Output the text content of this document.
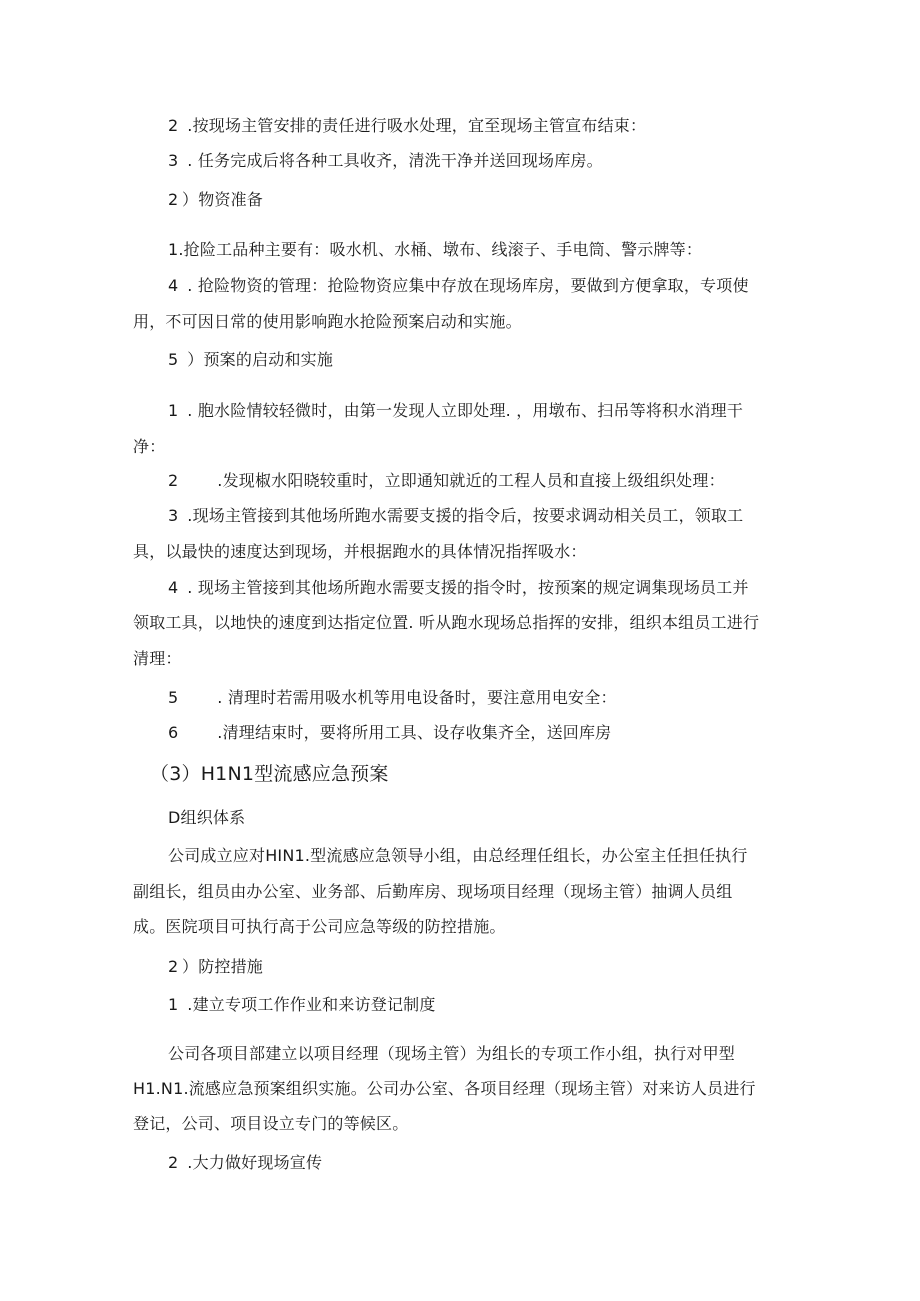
2 .按现场主管安排的责任进行吸水处理，宜至现场主管宣布结束：
3 . 任务完成后将各种工具收齐，清洗干净并送回现场库房。
2 ）物资准备
1.抢险工品种主要有：吸水机、水桶、墩布、线滚子、手电筒、警示牌等：
4 . 抢险物资的管理：抢险物资应集中存放在现场库房，要做到方便拿取，专项使
用，不可因日常的使用影响跑水抢险预案启动和实施。
5 ）预案的启动和实施
1 . 胞水险情较轻微时，由第一发现人立即处理. ，用墩布、扫吊等将积水消理干
净：
2 .发现椒水阳晓较重时，立即通知就近的工程人员和直接上级组织处理：
3 .现场主管接到其他场所跑水需要支援的指令后，按要求调动相关员工，领取工
具，以最快的速度达到现场，并根据跑水的具体情况指挥吸水：
4 . 现场主管接到其他场所跑水需要支援的指令时，按预案的规定调集现场员工并
领取工具，以地快的速度到达指定位置. 听从跑水现场总指挥的安排，组织本组员工进行
清理：
5 . 清理时若需用吸水机等用电设备时，要注意用电安全：
6 .清理结束时，要将所用工具、设存收集齐全，送回库房
（3）H1N1型流感应急预案
D组织体系
公司成立应对HIN1.型流感应急领导小组，由总经理任组长，办公室主任担任执行
副组长，组员由办公室、业务部、后勤库房、现场项目经理（现场主管）抽调人员组
成。医院项目可执行高于公司应急等级的防控措施。
2 ）防控措施
1 .建立专项工作作业和来访登记制度
公司各项目部建立以项目经理（现场主管）为组长的专项工作小组，执行对甲型
H1.N1.流感应急预案组织实施。公司办公室、各项目经理（现场主管）对来访人员进行
登记，公司、项目设立专门的等候区。
2 .大力做好现场宣传
